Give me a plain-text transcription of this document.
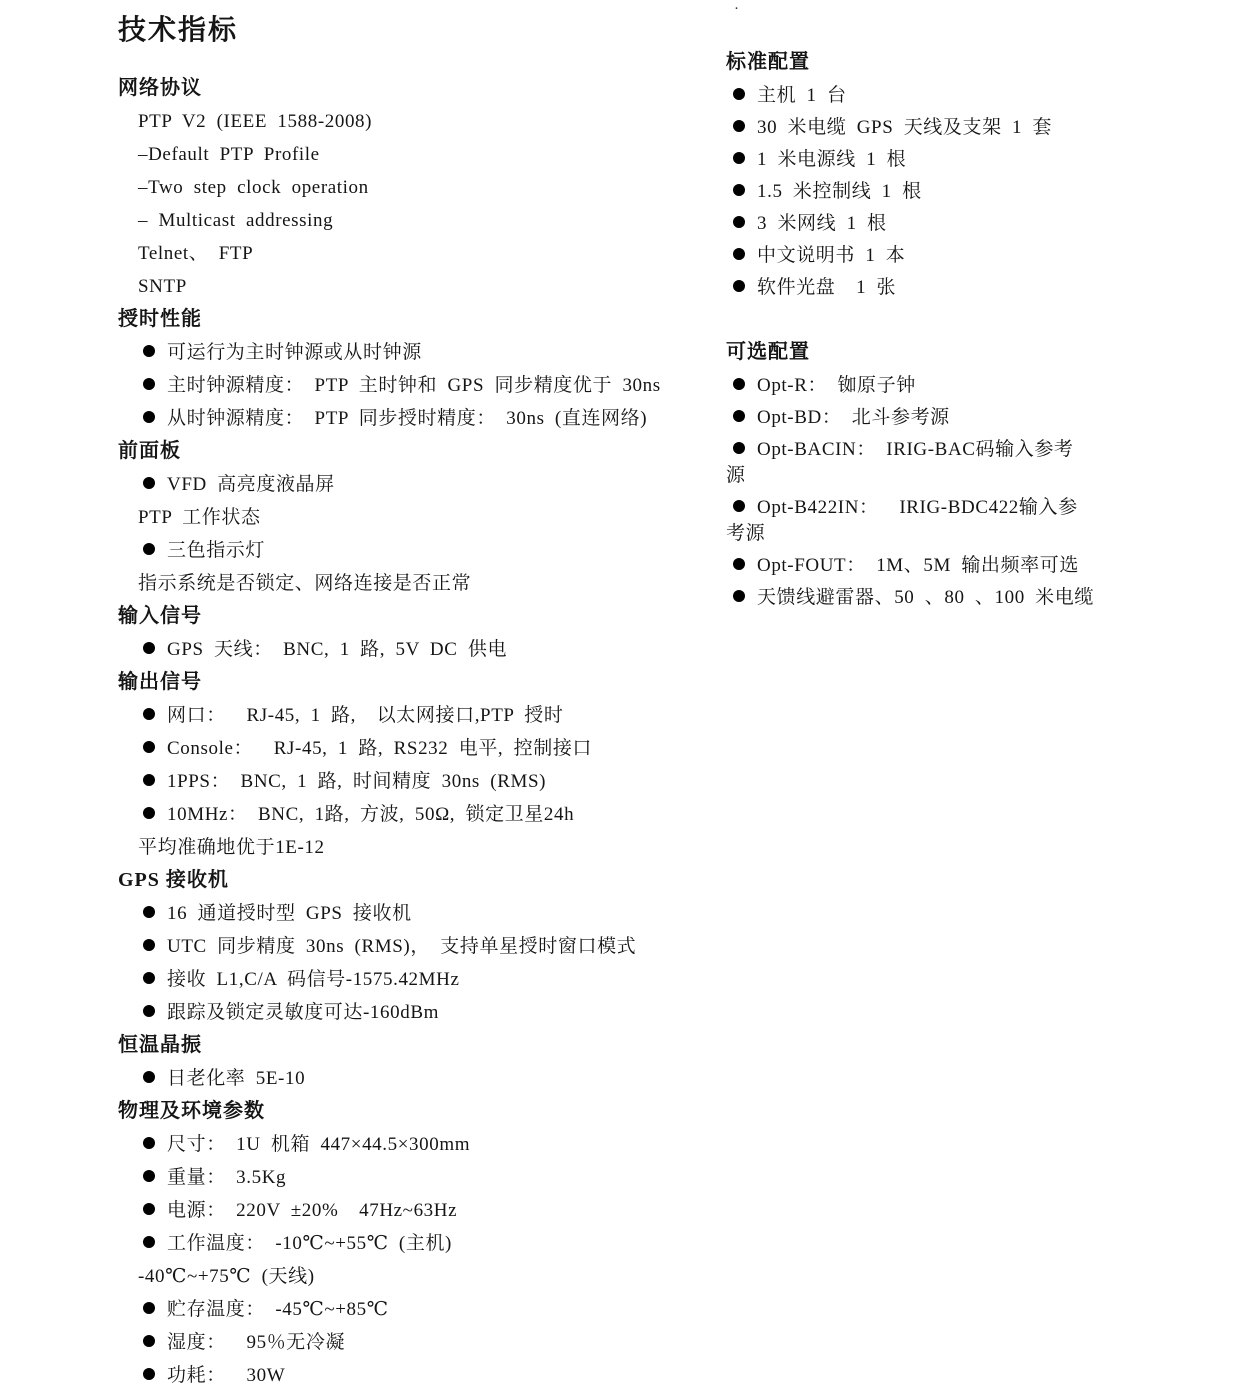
技术指标
网络协议
PTP V2 (IEEE 1588-2008)
–Default PTP Profile
–Two step clock operation
– Multicast addressing
Telnet、 FTP
SNTP
授时性能
可运行为主时钟源或从时钟源
主时钟源精度： PTP 主时钟和 GPS 同步精度优于 30ns
从时钟源精度： PTP 同步授时精度： 30ns (直连网络)
前面板
VFD 高亮度液晶屏
PTP 工作状态
三色指示灯
指示系统是否锁定、网络连接是否正常
输入信号
GPS 天线： BNC, 1 路, 5V DC 供电
输出信号
网口：  RJ-45, 1 路,  以太网接口,PTP 授时
Console：  RJ-45, 1 路, RS232 电平, 控制接口
1PPS： BNC, 1 路, 时间精度 30ns (RMS)
10MHz： BNC, 1路, 方波, 50Ω, 锁定卫星24h
平均准确地优于1E-12
GPS 接收机
16 通道授时型 GPS 接收机
UTC 同步精度 30ns (RMS)， 支持单星授时窗口模式
接收 L1,C/A 码信号-1575.42MHz
跟踪及锁定灵敏度可达-160dBm
恒温晶振
日老化率 5E-10
物理及环境参数
尺寸： 1U 机箱 447×44.5×300mm
重量： 3.5Kg
电源： 220V ±20%  47Hz~63Hz
工作温度： -10℃~+55℃ (主机)
-40℃~+75℃ (天线)
贮存温度： -45℃~+85℃
湿度：  95％无冷凝
功耗：  30W
·
标准配置
主机 1 台
30 米电缆 GPS 天线及支架 1 套
1 米电源线 1 根
1.5 米控制线 1 根
3 米网线 1 根
中文说明书 1 本
软件光盘  1 张
可选配置
Opt-R： 铷原子钟
Opt-BD： 北斗参考源
Opt-BACIN： IRIG-BAC码输入参考
源
Opt-B422IN：  IRIG-BDC422输入参
考源
Opt-FOUT： 1M、5M 输出频率可选
天馈线避雷器、50 、80 、100 米电缆
